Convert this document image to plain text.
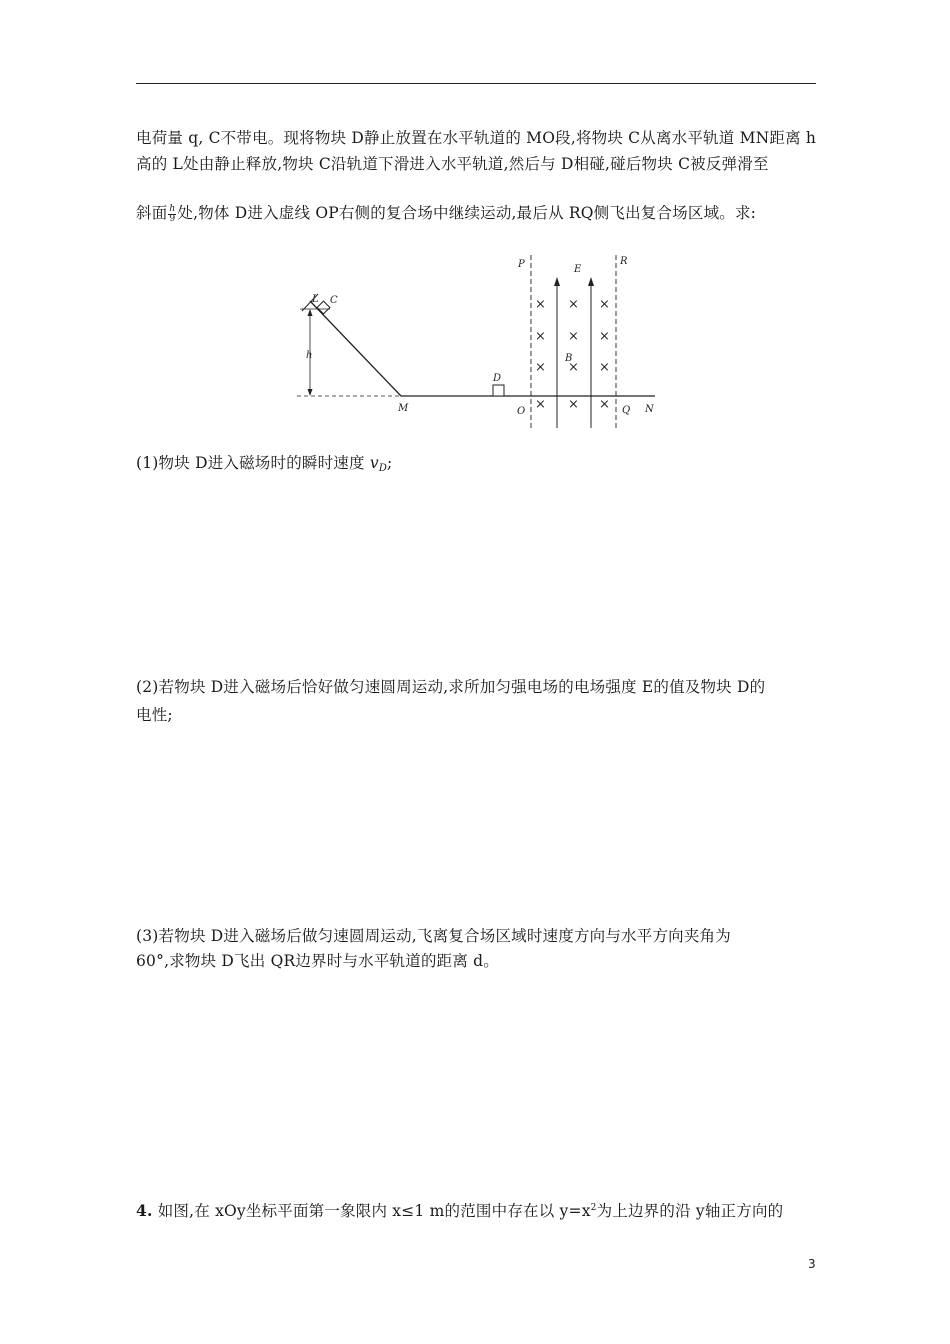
电荷量 q, C不带电。现将物块 D静止放置在水平轨道的 MO段,将物块 C从离水平轨道 MN距离 h
高的 L处由静止释放,物块 C沿轨道下滑进入水平轨道,然后与 D相碰,碰后物块 C被反弹滑至
斜面 $\frac{h}{9}$ 处,物体 D进入虚线 OP右侧的复合场中继续运动,最后从 RQ侧飞出复合场区域。求:
× × ×
× × ×
× × ×
× × ×
L C
h
M
D
O
P	E
R
B
Q N
(1)物块 D进入磁场时的瞬时速度 $v_D$;
(2)若物块 D进入磁场后恰好做匀速圆周运动,求所加匀强电场的电场强度 E的值及物块 D的
电性;
(3)若物块 D进入磁场后做匀速圆周运动,飞离复合场区域时速度方向与水平方向夹角为
60°,求物块 D飞出 QR边界时与水平轨道的距离 d。
4. 如图,在 xOy坐标平面第一象限内 x≤1 m的范围中存在以 $y=x^2$为上边界的沿 y轴正方向的
3
